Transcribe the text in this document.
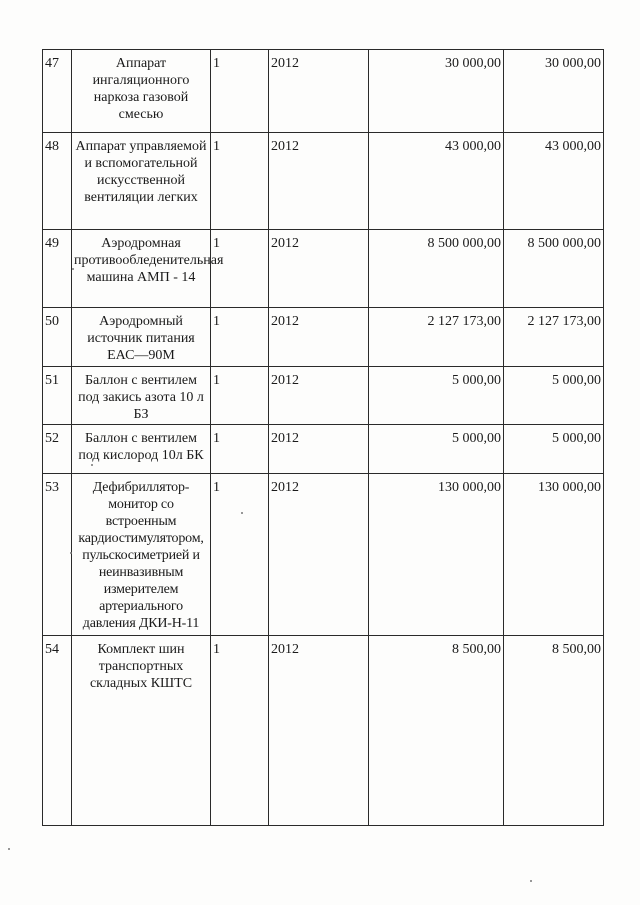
47	Аппарат ингаляционного наркоза газовой смесью	1	2012	30 000,00	30 000,00
48	Аппарат управляемой и вспомогательной искусственной вентиляции легких	1	2012	43 000,00	43 000,00
49	Аэродромная противообледенительная машина АМП - 14	1	2012	8 500 000,00	8 500 000,00
50	Аэродромный источник питания ЕАС—90М	1	2012	2 127 173,00	2 127 173,00
51	Баллон с вентилем под закись азота 10 л БЗ	1	2012	5 000,00	5 000,00
52	Баллон с вентилем под кислород 10л БК	1	2012	5 000,00	5 000,00
53	Дефибриллятор-монитор со встроенным кардиостимулятором, пульскосиметрией и неинвазивным измерителем артериального давления ДКИ-Н-11	1	2012	130 000,00	130 000,00
54	Комплект шин транспортных складных КШТС	1	2012	8 500,00	8 500,00
